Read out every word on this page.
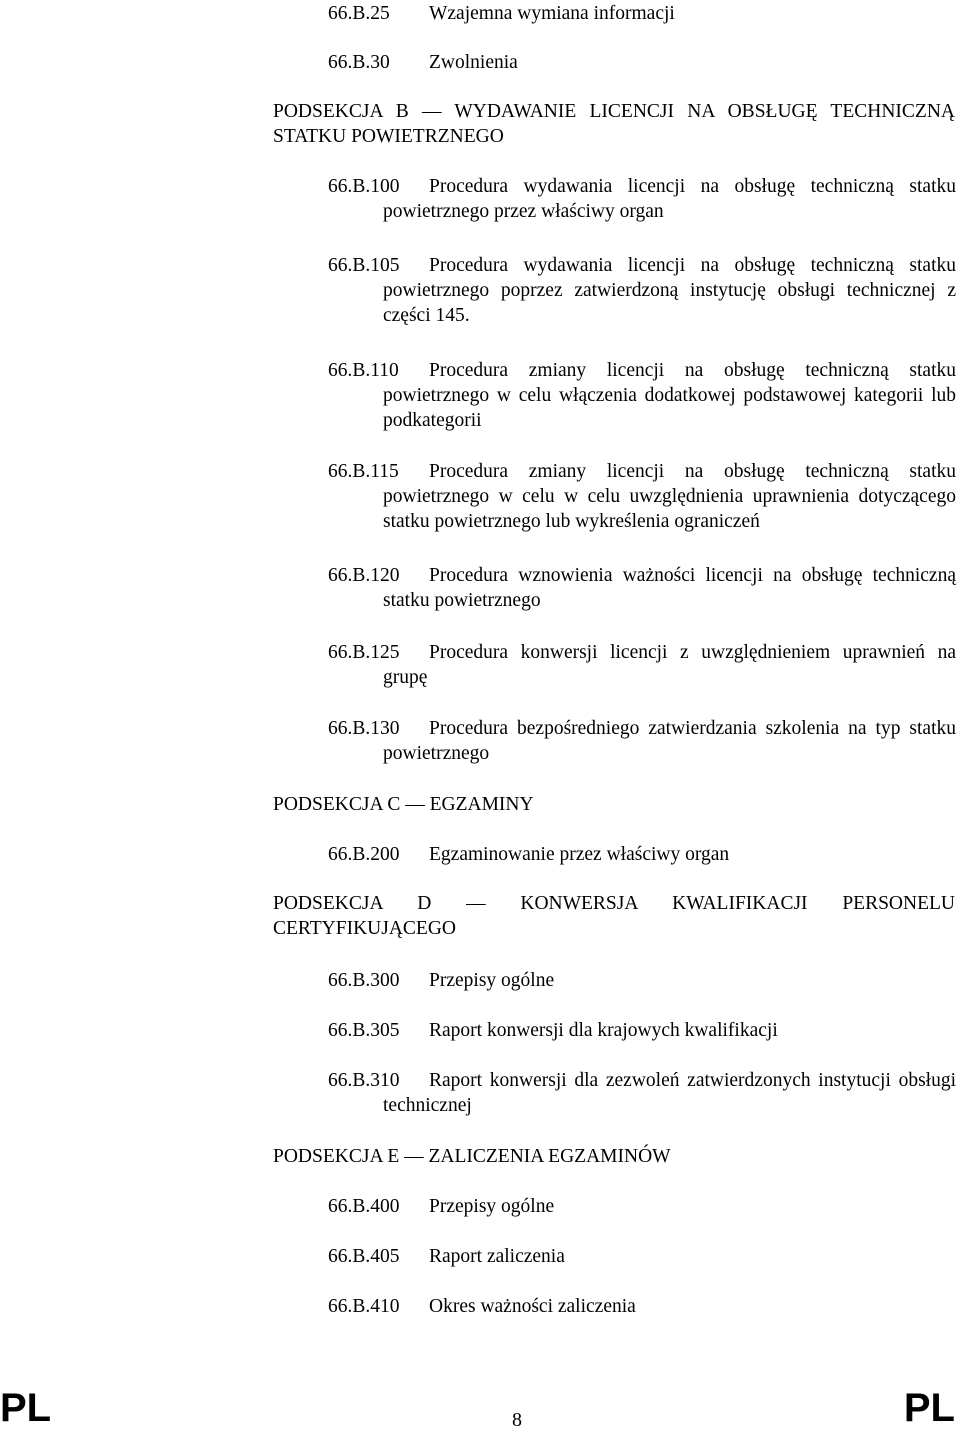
66.B.25 Wzajemna wymiana informacji
66.B.30 Zwolnienia
PODSEKCJA B — WYDAWANIE LICENCJI NA OBSŁUGĘ TECHNICZNĄ STATKU POWIETRZNEGO
66.B.100	Procedura wydawania licencji na obsługę techniczną statku powietrznego przez właściwy organ
66.B.105	Procedura wydawania licencji na obsługę techniczną statku powietrznego poprzez zatwierdzoną instytucję obsługi technicznej z części 145.
66.B.110	Procedura zmiany licencji na obsługę techniczną statku powietrznego w celu włączenia dodatkowej podstawowej kategorii lub podkategorii
66.B.115	Procedura zmiany licencji na obsługę techniczną statku powietrznego w celu w celu uwzględnienia uprawnienia dotyczącego statku powietrznego lub wykreślenia ograniczeń
66.B.120	Procedura wznowienia ważności licencji na obsługę techniczną statku powietrznego
66.B.125	Procedura konwersji licencji z uwzględnieniem uprawnień na grupę
66.B.130	Procedura bezpośredniego zatwierdzania szkolenia na typ statku powietrznego
PODSEKCJA C — EGZAMINY
66.B.200 Egzaminowanie przez właściwy organ
PODSEKCJA D — KONWERSJA KWALIFIKACJI PERSONELU CERTYFIKUJĄCEGO
66.B.300 Przepisy ogólne
66.B.305 Raport konwersji dla krajowych kwalifikacji
66.B.310	Raport konwersji dla zezwoleń zatwierdzonych instytucji obsługi technicznej
PODSEKCJA E — ZALICZENIA EGZAMINÓW
66.B.400 Przepisy ogólne
66.B.405 Raport zaliczenia
66.B.410 Okres ważności zaliczenia
PL	8	PL
